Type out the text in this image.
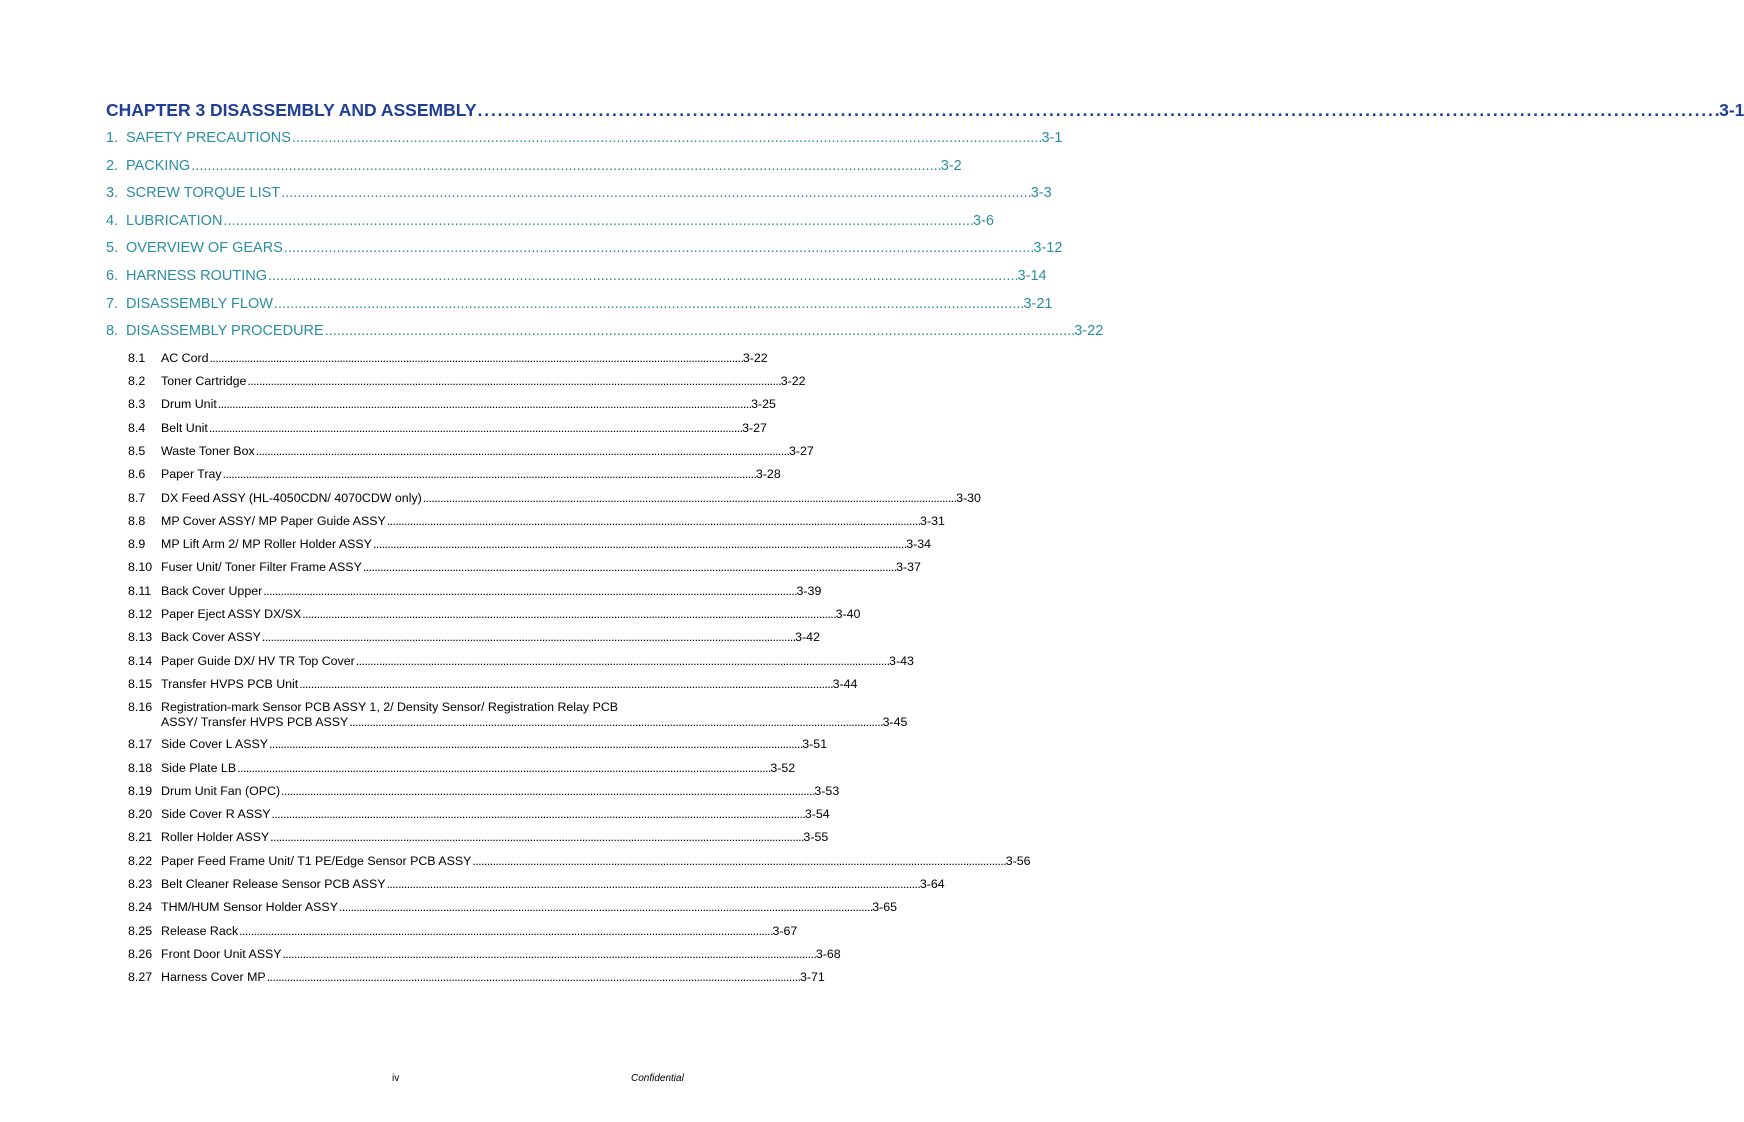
CHAPTER 3 DISASSEMBLY AND ASSEMBLY . . .	3-1
1. SAFETY PRECAUTIONS . . .	3-1
2. PACKING . . .	3-2
3. SCREW TORQUE LIST . . .	3-3
4. LUBRICATION . . .	3-6
5. OVERVIEW OF GEARS . . .	3-12
6. HARNESS ROUTING . . .	3-14
7. DISASSEMBLY FLOW . . .	3-21
8. DISASSEMBLY PROCEDURE . . .	3-22
8.1 AC Cord . . .	3-22
8.2 Toner Cartridge . . .	3-22
8.3 Drum Unit . . .	3-25
8.4 Belt Unit . . .	3-27
8.5 Waste Toner Box . . .	3-27
8.6 Paper Tray . . .	3-28
8.7 DX Feed ASSY (HL-4050CDN/ 4070CDW only) . . .	3-30
8.8 MP Cover ASSY/ MP Paper Guide ASSY . . .	3-31
8.9 MP Lift Arm 2/ MP Roller Holder ASSY . . .	3-34
8.10 Fuser Unit/ Toner Filter Frame ASSY . . .	3-37
8.11 Back Cover Upper . . .	3-39
8.12 Paper Eject ASSY DX/SX . . .	3-40
8.13 Back Cover ASSY . . .	3-42
8.14 Paper Guide DX/ HV TR Top Cover . . .	3-43
8.15 Transfer HVPS PCB Unit . . .	3-44
8.16 Registration-mark Sensor PCB ASSY 1, 2/ Density Sensor/ Registration Relay PCB
ASSY/ Transfer HVPS PCB ASSY . . .	3-45
8.17 Side Cover L ASSY . . .	3-51
8.18 Side Plate LB . . .	3-52
8.19 Drum Unit Fan (OPC) . . .	3-53
8.20 Side Cover R ASSY . . .	3-54
8.21 Roller Holder ASSY . . .	3-55
8.22 Paper Feed Frame Unit/ T1 PE/Edge Sensor PCB ASSY . . .	3-56
8.23 Belt Cleaner Release Sensor PCB ASSY . . .	3-64
8.24 THM/HUM Sensor Holder ASSY . . .	3-65
8.25 Release Rack . . .	3-67
8.26 Front Door Unit ASSY . . .	3-68
8.27 Harness Cover MP . . .	3-71
iv	Confidential
